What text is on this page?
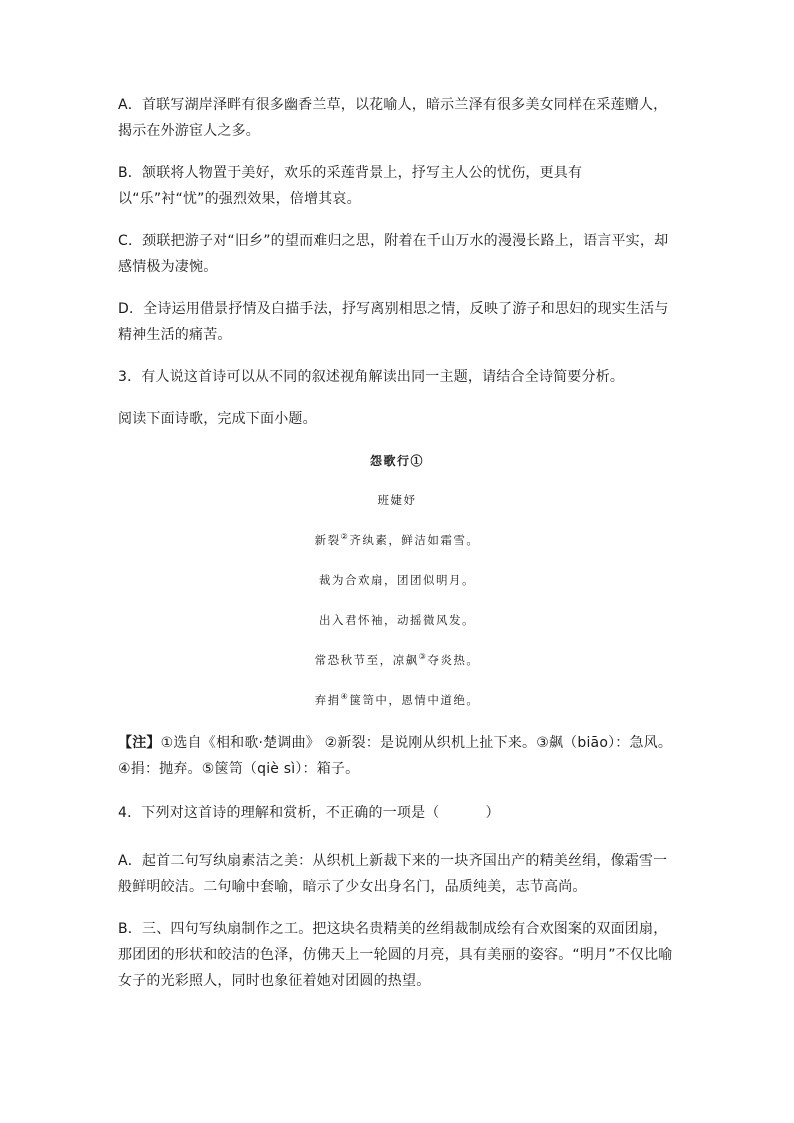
A．首联写湖岸泽畔有很多幽香兰草，以花喻人，暗示兰泽有很多美女同样在采莲赠人，揭示在外游宦人之多。

B．颔联将人物置于美好，欢乐的采莲背景上，抒写主人公的忧伤，更具有以“乐”衬“忧”的强烈效果，倍增其哀。

C．颈联把游子对“旧乡”的望而难归之思，附着在千山万水的漫漫长路上，语言平实，却感情极为凄惋。

D．全诗运用借景抒情及白描手法，抒写离别相思之情，反映了游子和思妇的现实生活与精神生活的痛苦。

3．有人说这首诗可以从不同的叙述视角解读出同一主题，请结合全诗简要分析。

阅读下面诗歌，完成下面小题。

怨歌行①

班婕妤

新裂②齐纨素，鲜洁如霜雪。

裁为合欢扇，团团似明月。

出入君怀袖，动摇微风发。

常恐秋节至，凉飙③夺炎热。

弃捐④箧笥中，恩情中道绝。

【注】①选自《相和歌·楚调曲》 ②新裂：是说刚从织机上扯下来。③飙（biāo）：急风。④捐：抛弃。⑤箧笥（qiè sì）：箱子。

4．下列对这首诗的理解和赏析，不正确的一项是（	）

A．起首二句写纨扇素洁之美：从织机上新裁下来的一块齐国出产的精美丝绢，像霜雪一般鲜明皎洁。二句喻中套喻，暗示了少女出身名门，品质纯美，志节高尚。

B．三、四句写纨扇制作之工。把这块名贵精美的丝绢裁制成绘有合欢图案的双面团扇，那团团的形状和皎洁的色泽，仿佛天上一轮圆的月亮，具有美丽的姿容。“明月”不仅比喻女子的光彩照人，同时也象征着她对团圆的热望。
